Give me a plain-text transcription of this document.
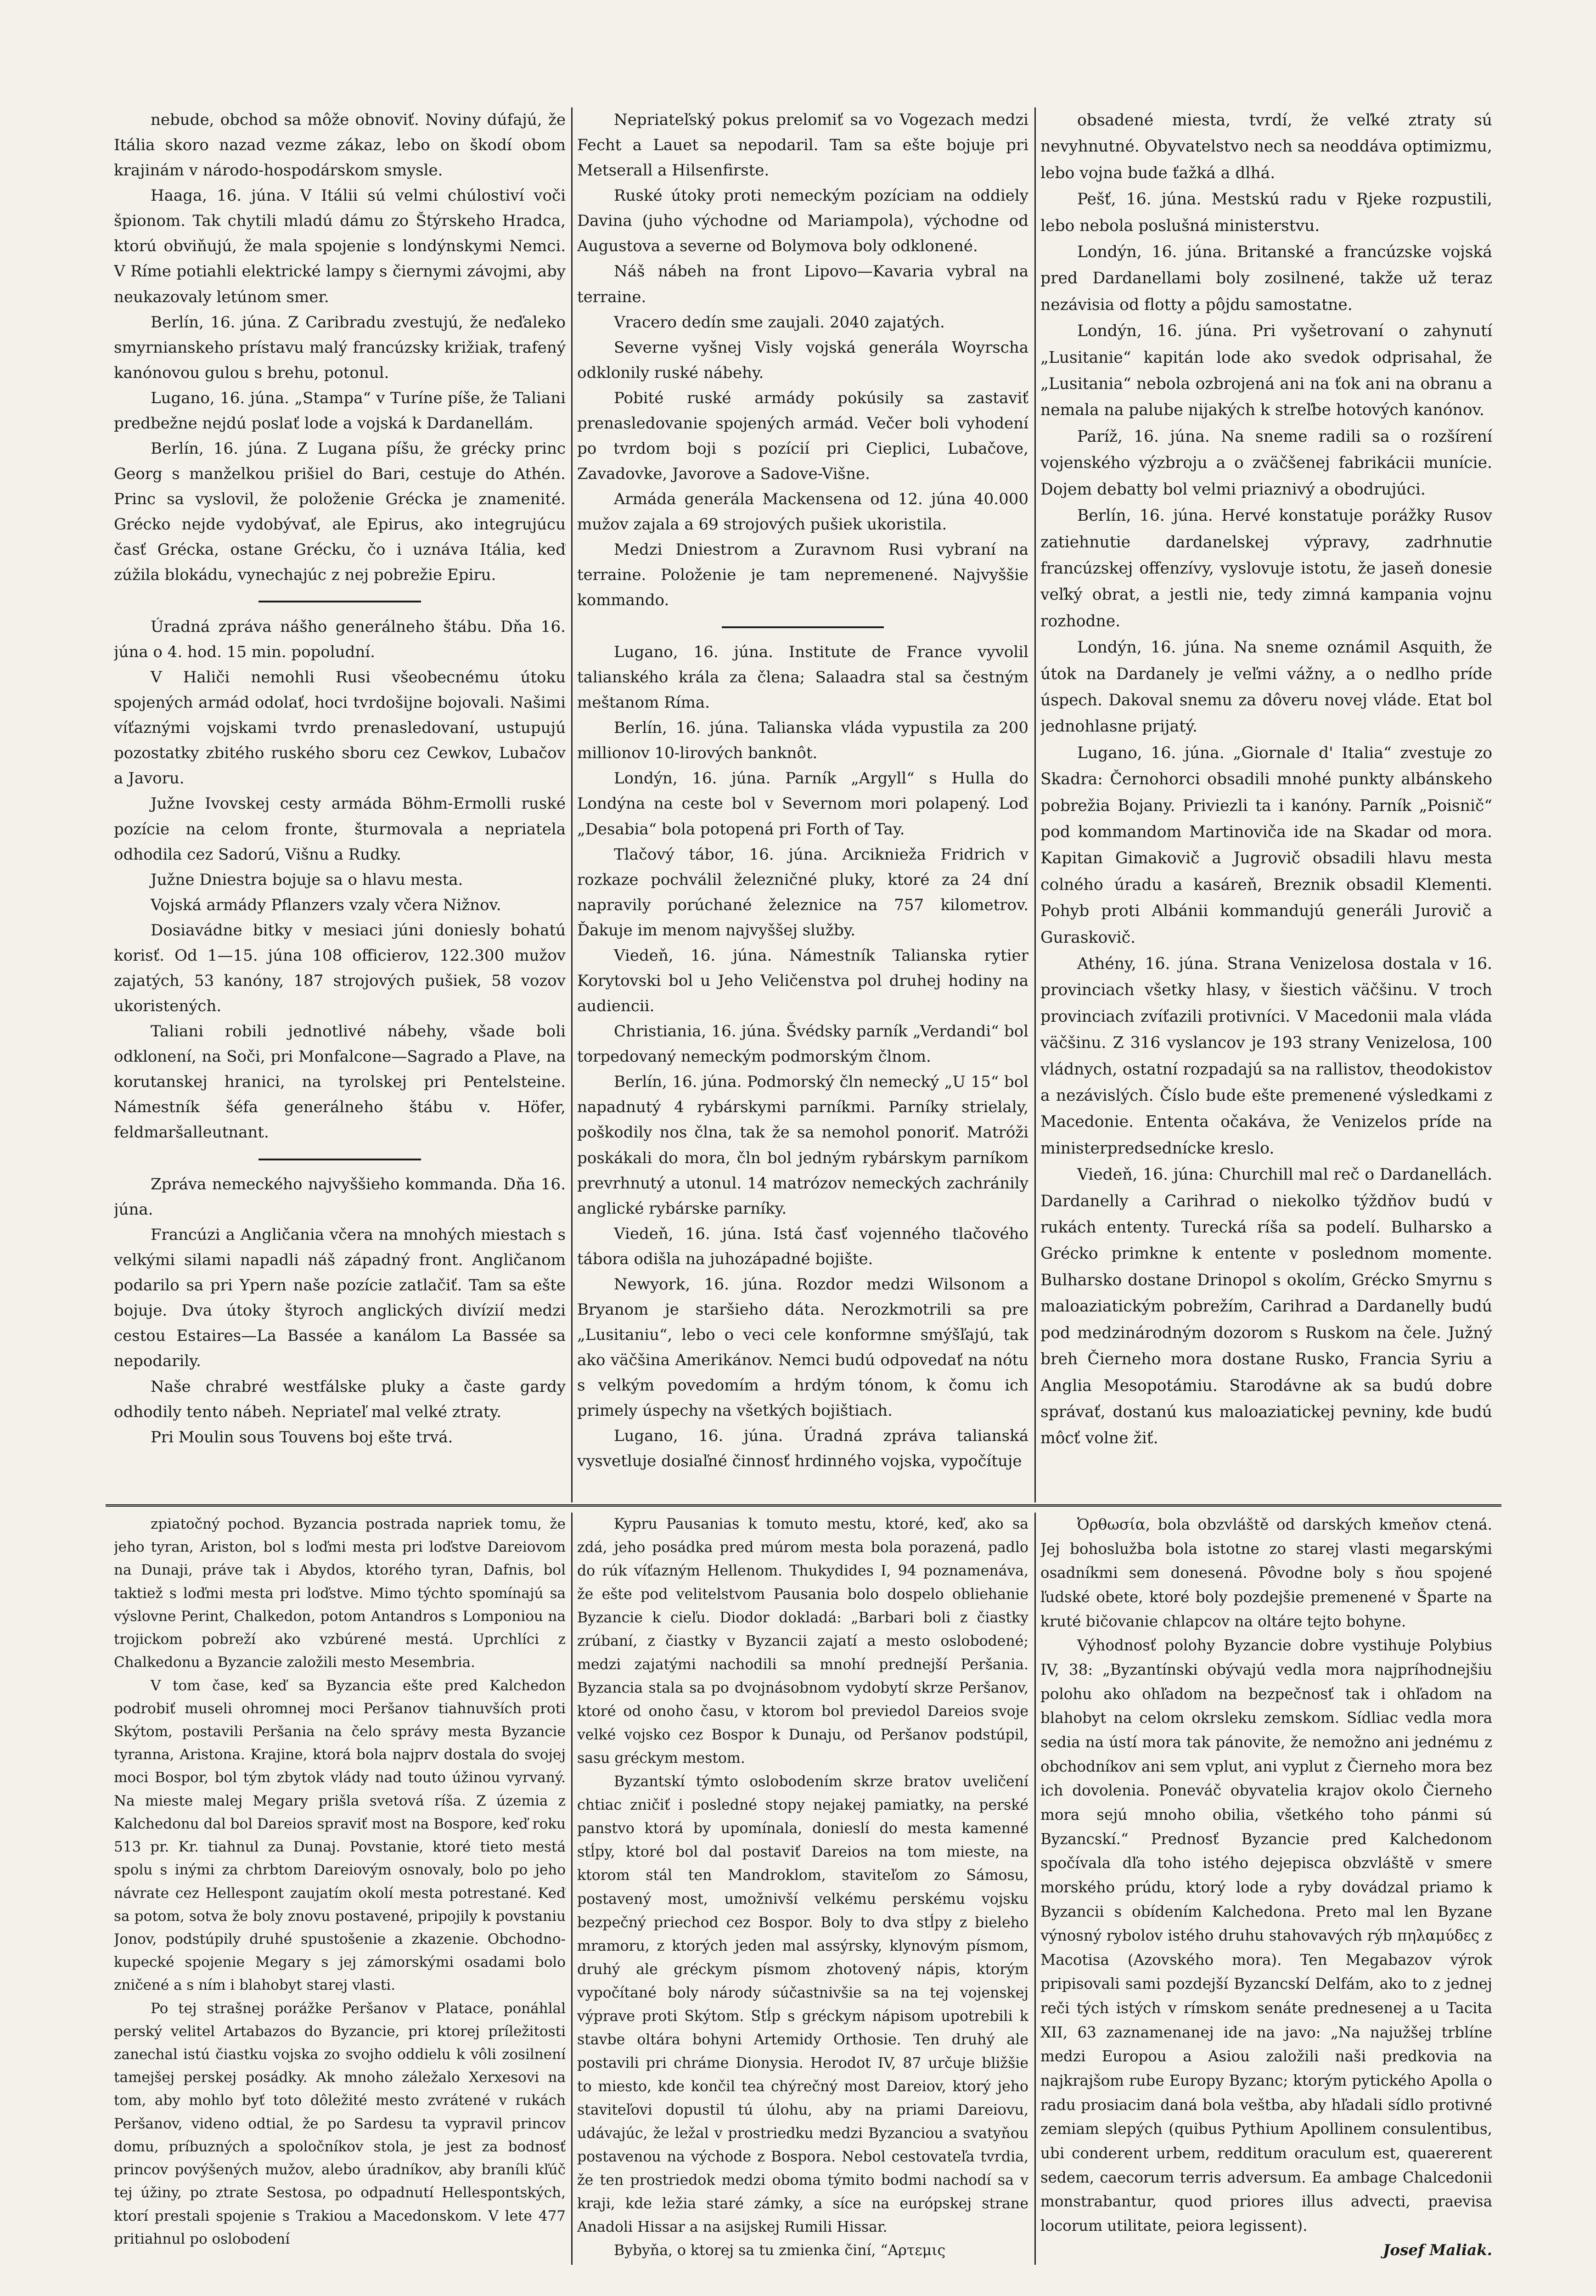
nebude, obchod sa môže obnoviť. Noviny dúfajú, že Itália skoro nazad vezme zákaz, lebo on škodí obom krajinám v národo-hospodárskom smysle.

Haaga, 16. júna. V Itálii sú velmi chúlostiví voči špionom. Tak chytili mladú dámu zo Štýrskeho Hradca, ktorú obviňujú, že mala spojenie s londýnskymi Nemci. V Ríme potiahli elektrické lampy s čiernymi závojmi, aby neukazovaly letúnom smer.

Berlín, 16. júna. Z Caribradu zvestujú, že neďaleko smyrnianskeho prístavu malý francúzsky križiak, trafený kanónovou gulou s brehu, potonul.

Lugano, 16. júna. „Stampa“ v Turíne píše, že Taliani predbežne nejdú poslať lode a vojská k Dardanellám.

Berlín, 16. júna. Z Lugana píšu, že grécky princ Georg s manželkou prišiel do Bari, cestuje do Athén. Princ sa vyslovil, že položenie Grécka je znamenité. Grécko nejde vydobývať, ale Epirus, ako integrujúcu časť Grécka, ostane Grécku, čo i uznáva Itália, keď zúžila blokádu, vynechajúc z nej pobrežie Epiru.

Úradná zpráva nášho generálneho štábu. Dňa 16. júna o 4. hod. 15 min. popoludní.

V Haliči nemohli Rusi všeobecnému útoku spojených armád odolať, hoci tvrdošijne bojovali. Našimi víťaznými vojskami tvrdo prenasledovaní, ustupujú pozostatky zbitého ruského sboru cez Cewkov, Lubačov a Javoru.

Južne Ivovskej cesty armáda Böhm-Ermolli ruské pozície na celom fronte, šturmovala a nepriatela odhodila cez Sadorú, Višnu a Rudky.

Južne Dniestra bojuje sa o hlavu mesta.

Vojská armády Pflanzers vzaly včera Nižnov.

Dosiavádne bitky v mesiaci júni doniesly bohatú korisť. Od 1—15. júna 108 officierov, 122.300 mužov zajatých, 53 kanóny, 187 strojových pušiek, 58 vozov ukoristených.

Taliani robili jednotlivé nábehy, všade boli odklonení, na Soči, pri Monfalcone—Sagrado a Plave, na korutanskej hranici, na tyrolskej pri Pentelsteine. Námestník šéfa generálneho štábu v. Höfer, feldmaršalleutnant.

Zpráva nemeckého najvyššieho kommanda. Dňa 16. júna.

Francúzi a Angličania včera na mnohých miestach s velkými silami napadli náš západný front. Angličanom podarilo sa pri Ypern naše pozície zatlačiť. Tam sa ešte bojuje. Dva útoky štyroch anglických divízií medzi cestou Estaires—La Bassée a kanálom La Bassée sa nepodarily.

Naše chrabré westfálske pluky a časte gardy odhodily tento nábeh. Nepriateľ mal velké ztraty.

Pri Moulin sous Touvens boj ešte trvá.

Nepriateľský pokus prelomiť sa vo Vogezach medzi Fecht a Lauet sa nepodaril. Tam sa ešte bojuje pri Metserall a Hilsenfirste.

Ruské útoky proti nemeckým pozíciam na oddiely Davina (juho východne od Mariampola), východne od Augustova a severne od Bolymova boly odklonené.

Náš nábeh na front Lipovo—Kavaria vybral na terraine.

Vracero dedín sme zaujali. 2040 zajatých.

Severne vyšnej Visly vojská generála Woyrscha odklonily ruské nábehy.

Pobité ruské armády pokúsily sa zastaviť prenasledovanie spojených armád. Večer boli vyhodení po tvrdom boji s pozícií pri Cieplici, Lubačove, Zavadovke, Javorove a Sadove-Višne.

Armáda generála Mackensena od 12. júna 40.000 mužov zajala a 69 strojových pušiek ukoristila.

Medzi Dniestrom a Zuravnom Rusi vybraní na terraine. Položenie je tam nepremenené. Najvyššie kommando.

Lugano, 16. júna. Institute de France vyvolil talianského krála za člena; Salaadra stal sa čestným meštanom Ríma.

Berlín, 16. júna. Talianska vláda vypustila za 200 millionov 10-lirových banknôt.

Londýn, 16. júna. Parník „Argyll“ s Hulla do Londýna na ceste bol v Severnom mori polapený. Loď „Desabia“ bola potopená pri Forth of Tay.

Tlačový tábor, 16. júna. Arcikniežа Fridrich v rozkaze pochválil železničné pluky, ktoré za 24 dní napravily porúchané železnice na 757 kilometrov. Ďakuje im menom najvyššej služby.

Viedeň, 16. júna. Námestník Talianska rytier Korytovski bol u Jeho Veličenstva pol druhej hodiny na audiencii.

Christiania, 16. júna. Švédsky parník „Verdandi“ bol torpedovaný nemeckým podmorským člnom.

Berlín, 16. júna. Podmorský čln nemecký „U 15“ bol napadnutý 4 rybárskymi parníkmi. Parníky strielaly, poškodily nos člna, tak že sa nemohol ponoriť. Matróži poskákali do mora, čln bol jedným rybárskym parníkom prevrhnutý a utonul. 14 matrózov nemeckých zachránily anglické rybárske parníky.

Viedeň, 16. júna. Istá časť vojenného tlačového tábora odišla na juhozápadné bojište.

Newyork, 16. júna. Rozdor medzi Wilsonom a Bryanom je staršieho dáta. Nerozkmotrili sa pre „Lusitaniu“, lebo o veci cele konformne smýšľajú, tak ako väčšina Amerikánov. Nemci budú odpovedať na nótu s velkým povedomím a hrdým tónom, k čomu ich primely úspechy na všetkých bojištiach.

Lugano, 16. júna. Úradná zpráva talianská vysvetluje dosiaľné činnosť hrdinného vojska, vypočítuje

obsadené miesta, tvrdí, že veľké ztraty sú nevyhnutné. Obyvatelstvo nech sa neoddáva optimizmu, lebo vojna bude ťažká a dlhá.

Pešť, 16. júna. Mestskú radu v Rjeke rozpustili, lebo nebola poslušná ministerstvu.

Londýn, 16. júna. Britanské a francúzske vojská pred Dardanellami boly zosilnené, takže už teraz nezávisia od flotty a pôjdu samostatne.

Londýn, 16. júna. Pri vyšetrovaní o zahynutí „Lusitanie“ kapitán lode ako svedok odprisahal, že „Lusitania“ nebola ozbrojená ani na ťok ani na obranu a nemala na palube nijakých k streľbe hotových kanónov.

Paríž, 16. júna. Na sneme radili sa o rozšírení vojenského výzbroju a o zväčšenej fabrikácii munície. Dojem debatty bol velmi priaznivý a obodrujúci.

Berlín, 16. júna. Hervé konstatuje porážky Rusov zatiehnutie dardanelskej výpravy, zadrhnutie francúzskej offenzívy, vyslovuje istotu, že jaseň donesie veľký obrat, a jestli nie, tedy zimná kampania vojnu rozhodne.

Londýn, 16. júna. Na sneme oznámil Asquith, že útok na Dardanely je veľmi vážny, a o nedlho príde úspech. Dakoval snemu za dôveru novej vláde. Etat bol jednohlasne prijatý.

Lugano, 16. júna. „Giornale d' Italia“ zvestuje zo Skadra: Černohorci obsadili mnohé punkty albánskeho pobrežia Bojany. Priviezli ta i kanóny. Parník „Poisnič“ pod kommandom Martinoviča ide na Skadar od mora. Kapitan Gimakovič a Jugrovič obsadili hlavu mesta colného úradu a kasáreň, Breznik obsadil Klementi. Pohyb proti Albánii kommandujú generáli Jurovič a Guraskovič.

Athény, 16. júna. Strana Venizelosa dostala v 16. provinciach všetky hlasy, v šiestich väčšinu. V troch provinciach zvíťazili protivníci. V Macedonii mala vláda väčšinu. Z 316 vyslancov je 193 strany Venizelosa, 100 vládnych, ostatní rozpadajú sa na rallistov, theodokistov a nezávislých. Číslo bude ešte premenené výsledkami z Macedonie. Ententa očakáva, že Venizelos príde na ministerpredsednícke kreslo.

Viedeň, 16. júna: Churchill mal reč o Dardanellách. Dardanelly a Carihrad o niekolko týždňov budú v rukách ententy. Turecká ríša sa podelí. Bulharsko a Grécko primkne k entente v poslednom momente. Bulharsko dostane Drinopol s okolím, Grécko Smyrnu s maloaziatickým pobrežím, Carihrad a Dardanelly budú pod medzinárodným dozorom s Ruskom na čele. Južný breh Čierneho mora dostane Rusko, Francia Syriu a Anglia Mesopotámiu. Starodávne ak sa budú dobre správať, dostanú kus maloaziatickej pevniny, kde budú môcť volne žiť.

zpiatočný pochod. Byzancia postrada napriek tomu, že jeho tyran, Ariston, bol s loďmi mesta pri loďstve Dareiovom na Dunaji, práve tak i Abydos, ktorého tyran, Dafnis, bol taktiež s loďmi mesta pri loďstve. Mimo týchto spomínajú sa výslovne Perint, Chalkedon, potom Antandros s Lomponiou na trojickom pobreží ako vzbúrené mestá. Uprchlíci z Chalkedonu a Byzancie založili mesto Mesembria.

V tom čase, keď sa Byzancia ešte pred Kalchedon podrobiť museli ohromnej moci Peršanov tiahnuvších proti Skýtom, postavili Peršania na čelo správy mesta Byzancie tyranna, Aristona. Krajine, ktorá bola najprv dostala do svojej moci Bospor, bol tým zbytok vlády nad touto úžinou vyrvaný. Na mieste malej Megary prišla svetová ríša. Z územia z Kalchedonu dal bol Dareios spraviť most na Bospore, keď roku 513 pr. Kr. tiahnul za Dunaj. Povstanie, ktoré tieto mestá spolu s inými za chrbtom Dareiovým osnovaly, bolo po jeho návrate cez Hellespont zaujatím okolí mesta potrestané. Keď sa potom, sotva že boly znovu postavené, pripojily k povstaniu Jonov, podstúpily druhé spustošenie a zkazenie. Obchodno-kupecké spojenie Megary s jej zámorskými osadami bolo zničené a s ním i blahobyt starej vlasti.

Po tej strašnej porážke Peršanov v Platace, ponáhlal perský velitel Artabazos do Byzancie, pri ktorej príležitosti zanechal istú čiastku vojska zo svojho oddielu k vôli zosilnení tamejšej perskej posádky. Ak mnoho záležalo Xerxesovi na tom, aby mohlo byť toto dôležité mesto zvrátené v rukách Peršanov, videno odtial, že po Sardesu ta vypravil princov domu, príbuzných a spoločníkov stola, je jest za bodnosť princov povýšených mužov, alebo úradníkov, aby braníli kľúč tej úžiny, po ztrate Sestosa, po odpadnutí Hellespontských, ktorí prestali spojenie s Trakiou a Macedonskom. V lete 477 pritiahnul po oslobodení

Kypru Pausanias k tomuto mestu, ktoré, keď, ako sa zdá, jeho posádka pred múrom mesta bola porazená, padlo do rúk víťazným Hellenom. Thukydides I, 94 poznamenáva, že ešte pod velitelstvom Pausania bolo dospelo obliehanie Byzancie k cieľu. Diodor dokladá: „Barbari boli z čiastky zrúbaní, z čiastky v Byzancii zajatí a mesto oslobodené; medzi zajatými nachodili sa mnohí prednejší Peršania. Byzancia stala sa po dvojnásobnom vydobytí skrze Peršanov, ktoré od onoho času, v ktorom bol previedol Dareios svoje velké vojsko cez Bospor k Dunaju, od Peršanov podstúpil, sasu gréckym mestom.

Byzantskí týmto oslobodením skrze bratov uveličení chtiac zničiť i posledné stopy nejakej pamiatky, na perské panstvo ktorá by upomínala, donieslí do mesta kamenné stĺpy, ktoré bol dal postaviť Dareios na tom mieste, na ktorom stál ten Mandroklom, staviteľom zo Sámosu, postavený most, umožnivší velkému perskému vojsku bezpečný priechod cez Bospor. Boly to dva stĺpy z bieleho mramoru, z ktorých jeden mal assýrsky, klynovým písmom, druhý ale gréckym písmom zhotovený nápis, ktorým vypočítané boly národy súčastnivšie sa na tej vojenskej výprave proti Skýtom. Stĺp s gréckym nápisom upotrebili k stavbe oltára bohyni Artemidy Orthosie. Ten druhý ale postavili pri chráme Dionysia. Herodot IV, 87 určuje bližšie to miesto, kde končil tea chýrečný most Dareiov, ktorý jeho staviteľovi dopustil tú úlohu, aby na priami Dareiovu, udávajúc, že ležal v prostriedku medzi Byzanciou a svatyňou postavenou na východe z Bospora. Nebol cestovateľa tvrdia, že ten prostriedok medzi oboma týmito bodmi nachodí sa v kraji, kde ležia staré zámky, a síce na európskej strane Anadoli Hissar a na asijskej Rumili Hissar.

Bybyňa, o ktorej sa tu zmienka činí, “Αρτεμις

Ὀρθωσία, bola obzvláště od darských kmeňov ctená. Jej bohoslužba bola istotne zo starej vlasti megarskými osadníkmi sem donesená. Pôvodne boly s ňou spojené ľudské obete, ktoré boly pozdejšie premenené v Šparte na kruté bičovanie chlapcov na oltáre tejto bohyne.

Výhodnosť polohy Byzancie dobre vystihuje Polybius IV, 38: „Byzantínski obývajú vedla mora najpríhodnejšiu polohu ako ohľadom na bezpečnosť tak i ohľadom na blahobyt na celom okrsleku zemskom. Sídliac vedla mora sedia na ústí mora tak pánovite, že nemožno ani jednému z obchodníkov ani sem vplut, ani vyplut z Čierneho mora bez ich dovolenia. Poneváč obyvatelia krajov okolo Čierneho mora sejú mnoho obilia, všetkého toho pánmi sú Byzancskí.“ Prednosť Byzancie pred Kalchedonom spočívala dľa toho istého dejepisca obzvláště v smere morského prúdu, ktorý lode a ryby dovádzal priamo k Byzancii s obídením Kalchedona. Preto mal len Byzane výnosný rybolov istého druhu stahovavých rýb πηλαμύδες z Macotisa (Azovského mora). Ten Megabazov výrok pripisovali sami pozdejší Byzancskí Delfám, ako to z jednej reči tých istých v rímskom senáte prednesenej a u Tacita XII, 63 zaznamenanej ide na javo: „Na najužšej trblíne medzi Europou a Asiou založili naši predkovia na najkrajšom rube Europy Byzanc; ktorým pytického Apolla o radu prosiacim daná bola veštba, aby hľadali sídlo protivné zemiam slepých (quibus Pythium Apollinem consulentibus, ubi conderent urbem, redditum oraculum est, quaererent sedem, caecorum terris adversum. Ea ambage Chalcedonii monstrabantur, quod priores illus advecti, praevisa locorum utilitate, peiora legissent).

Josef Maliak.
